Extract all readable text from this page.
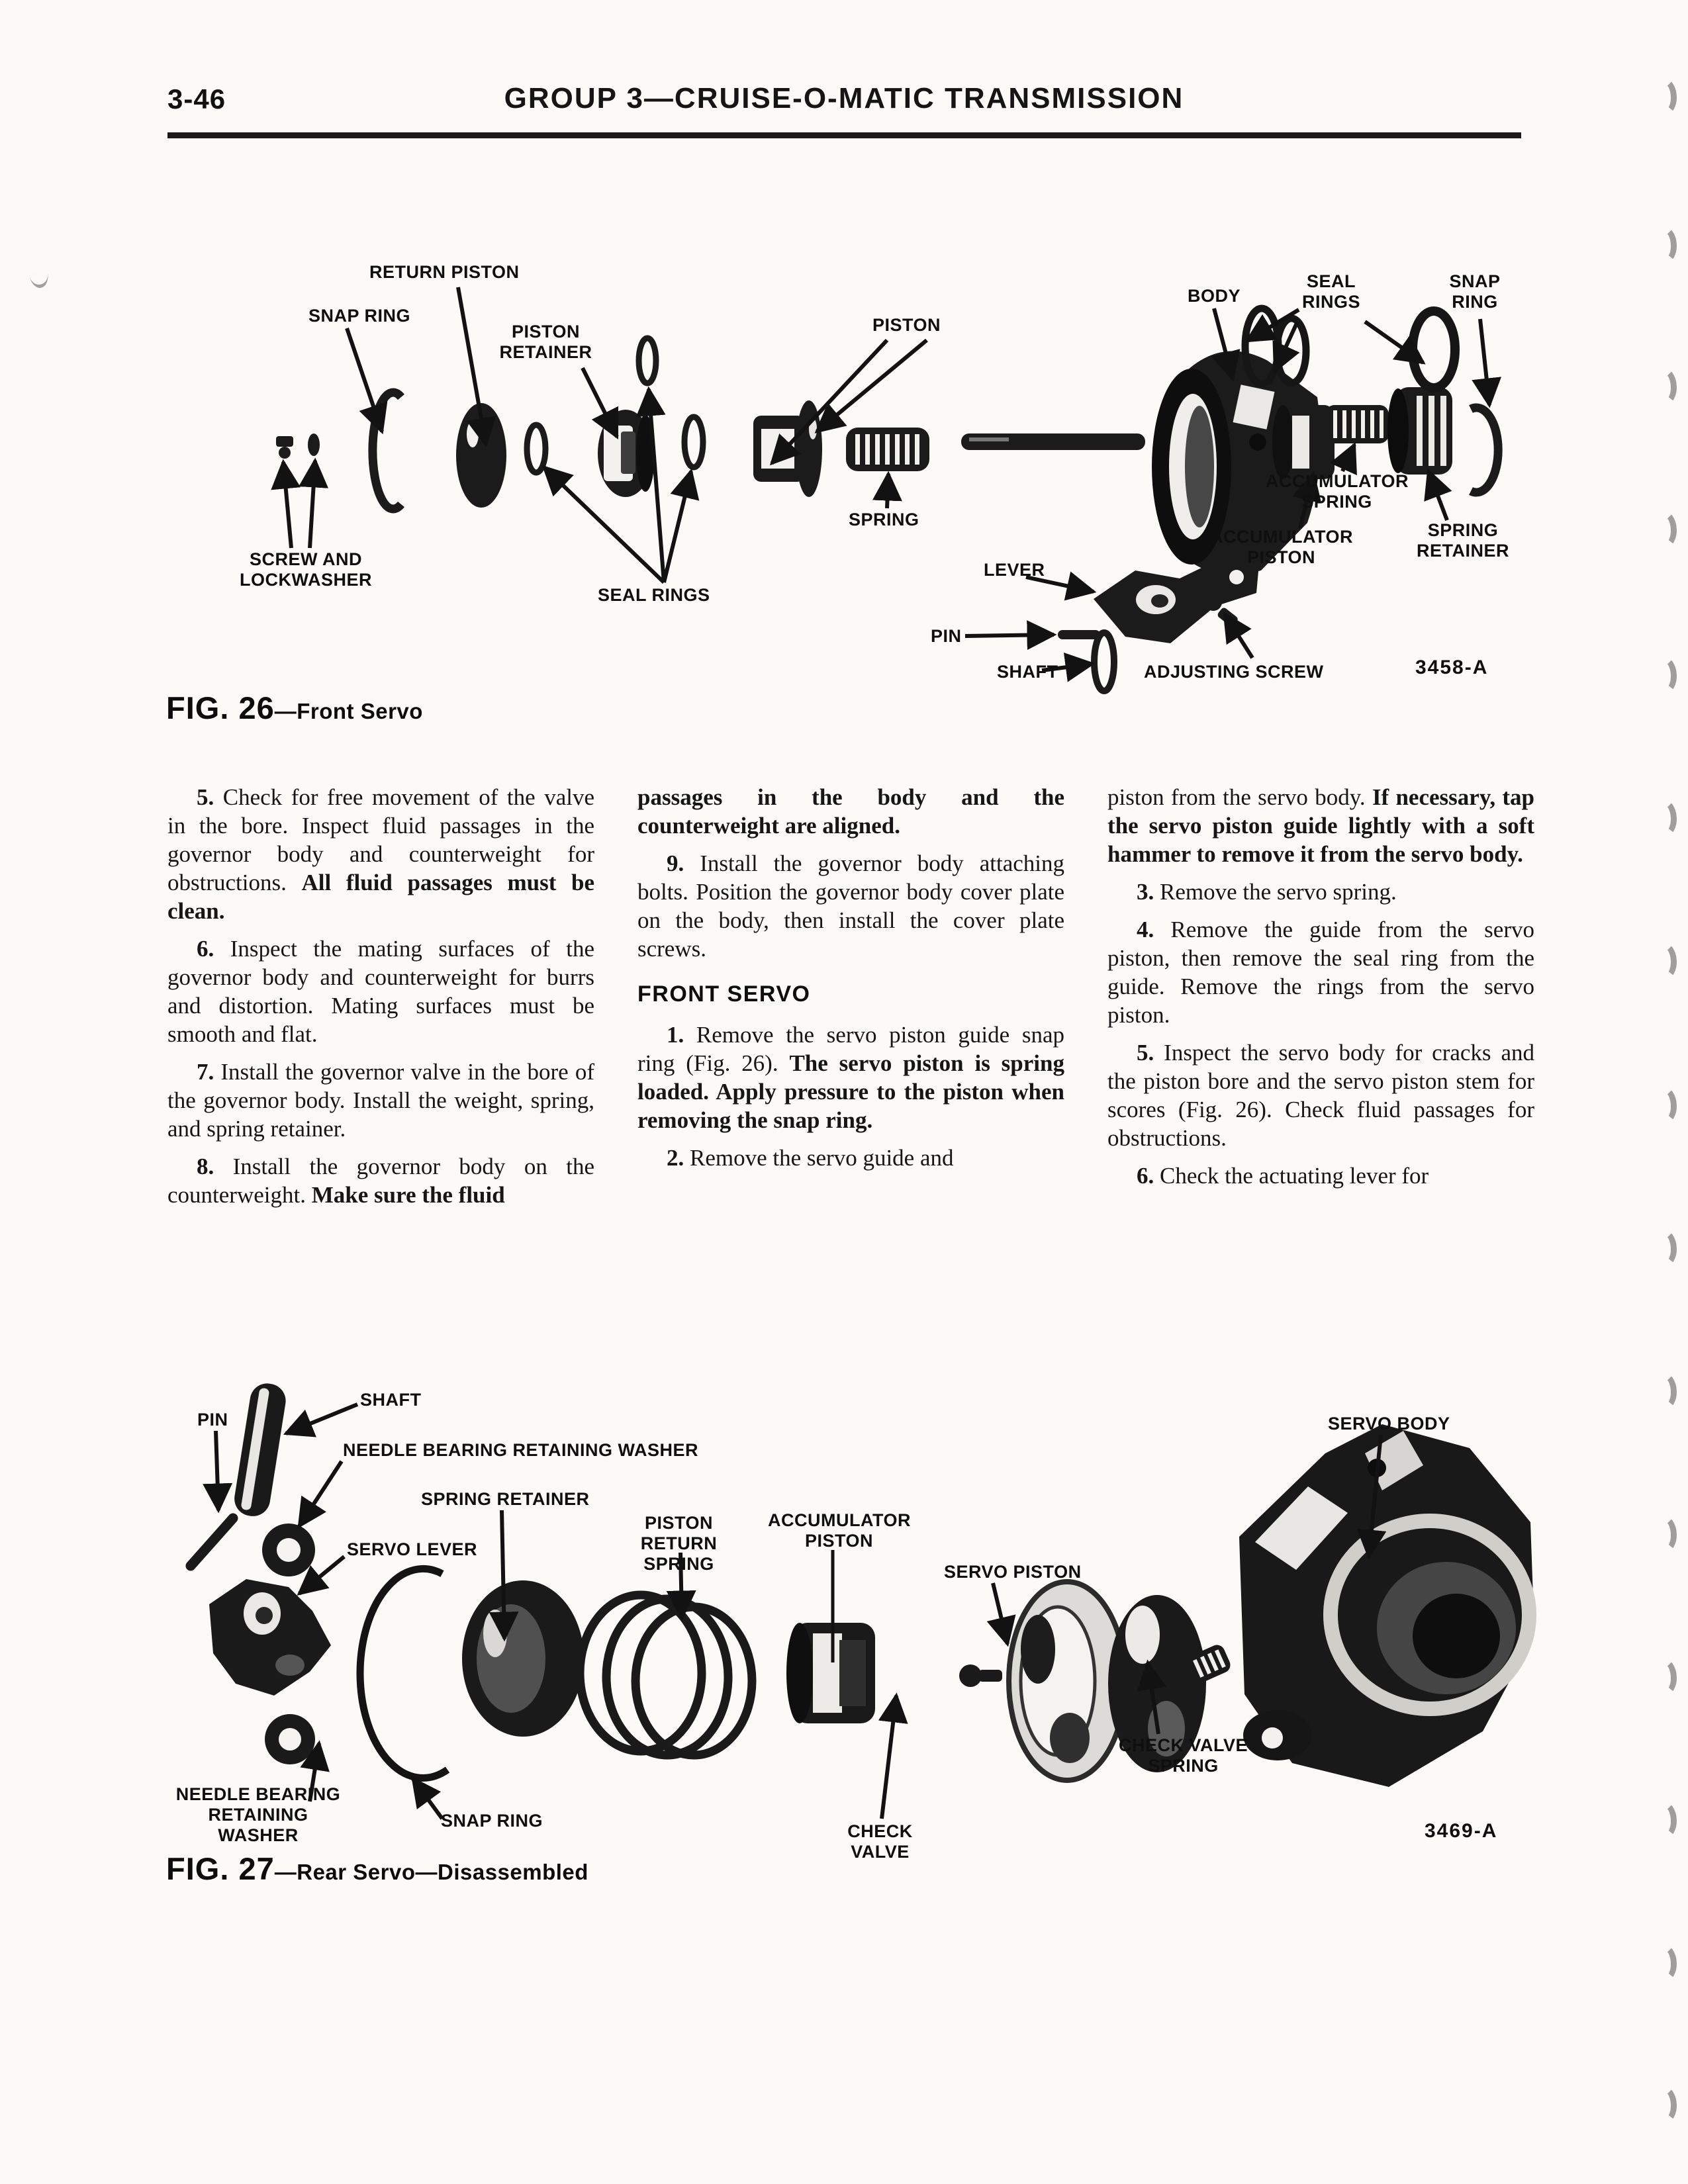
3-46	GROUP 3—CRUISE-O-MATIC TRANSMISSION
RETURN PISTON
SNAP RING
PISTON RETAINER
PISTON
BODY
SEAL RINGS
SNAP RING
ACCUMULATOR SPRING
ACCUMULATOR PISTON
SPRING RETAINER
SPRING
SEAL RINGS
SCREW AND LOCKWASHER	LEVER
PIN
SHAFT	ADJUSTING SCREW	3458-A
FIG. 26—Front Servo

5. Check for free movement of the valve in the bore. Inspect fluid passages in the governor body and counterweight for obstructions. All fluid passages must be clean.

6. Inspect the mating surfaces of the governor body and counterweight for burrs and distortion. Mating surfaces must be smooth and flat.

7. Install the governor valve in the bore of the governor body. Install the weight, spring, and spring retainer.

8. Install the governor body on the counterweight. Make sure the fluid

passages in the body and the counterweight are aligned.

9. Install the governor body attaching bolts. Position the governor body cover plate on the body, then install the cover plate screws.

FRONT SERVO

1. Remove the servo piston guide snap ring (Fig. 26). The servo piston is spring loaded. Apply pressure to the piston when removing the snap ring.

2. Remove the servo guide and

piston from the servo body. If necessary, tap the servo piston guide lightly with a soft hammer to remove it from the servo body.

3. Remove the servo spring.

4. Remove the guide from the servo piston, then remove the seal ring from the guide. Remove the rings from the servo piston.

5. Inspect the servo body for cracks and the piston bore and the servo piston stem for scores (Fig. 26). Check fluid passages for obstructions.

6. Check the actuating lever for

PIN
SHAFT
NEEDLE BEARING RETAINING WASHER
SPRING RETAINER
SERVO LEVER
PISTON RETURN SPRING
ACCUMULATOR PISTON
SERVO PISTON
SERVO BODY
CHECK VALVE
CHECK VALVE SPRING
NEEDLE BEARING RETAINING WASHER
SNAP RING	3469-A
FIG. 27—Rear Servo—Disassembled
